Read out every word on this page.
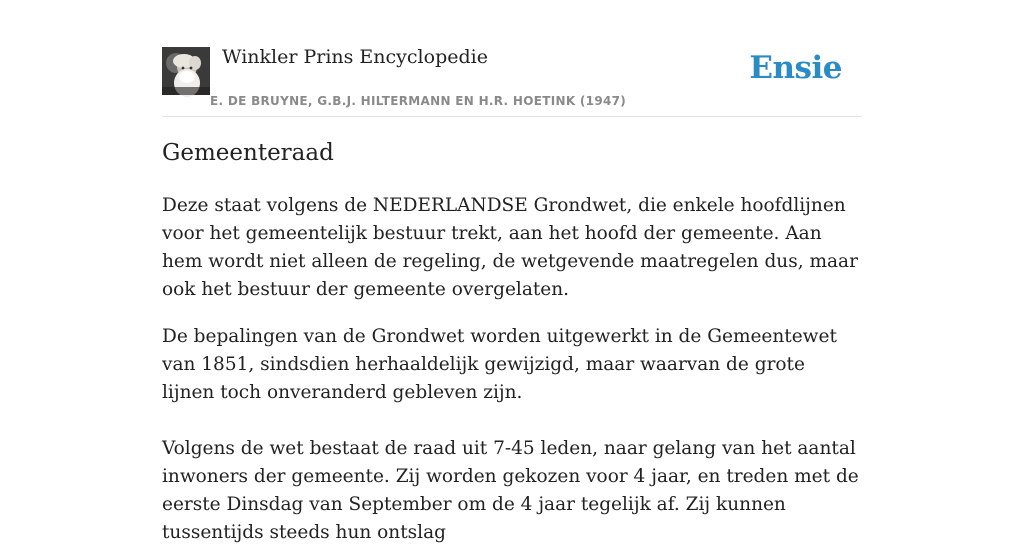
Winkler Prins Encyclopedie
E. DE BRUYNE, G.B.J. HILTERMANN EN H.R. HOETINK (1947)
Ensie
Gemeenteraad

Deze staat volgens de NEDERLANDSE Grondwet, die enkele hoofdlijnen voor het gemeentelijk bestuur trekt, aan het hoofd der gemeente. Aan hem wordt niet alleen de regeling, de wetgevende maatregelen dus, maar ook het bestuur der gemeente overgelaten.

De bepalingen van de Grondwet worden uitgewerkt in de Gemeentewet van 1851, sindsdien herhaaldelijk gewijzigd, maar waarvan de grote lijnen toch onveranderd gebleven zijn.

Volgens de wet bestaat de raad uit 7-45 leden, naar gelang van het aantal inwoners der gemeente. Zij worden gekozen voor 4 jaar, en treden met de eerste Dinsdag van September om de 4 jaar tegelijk af. Zij kunnen tussentijds steeds hun ontslag
